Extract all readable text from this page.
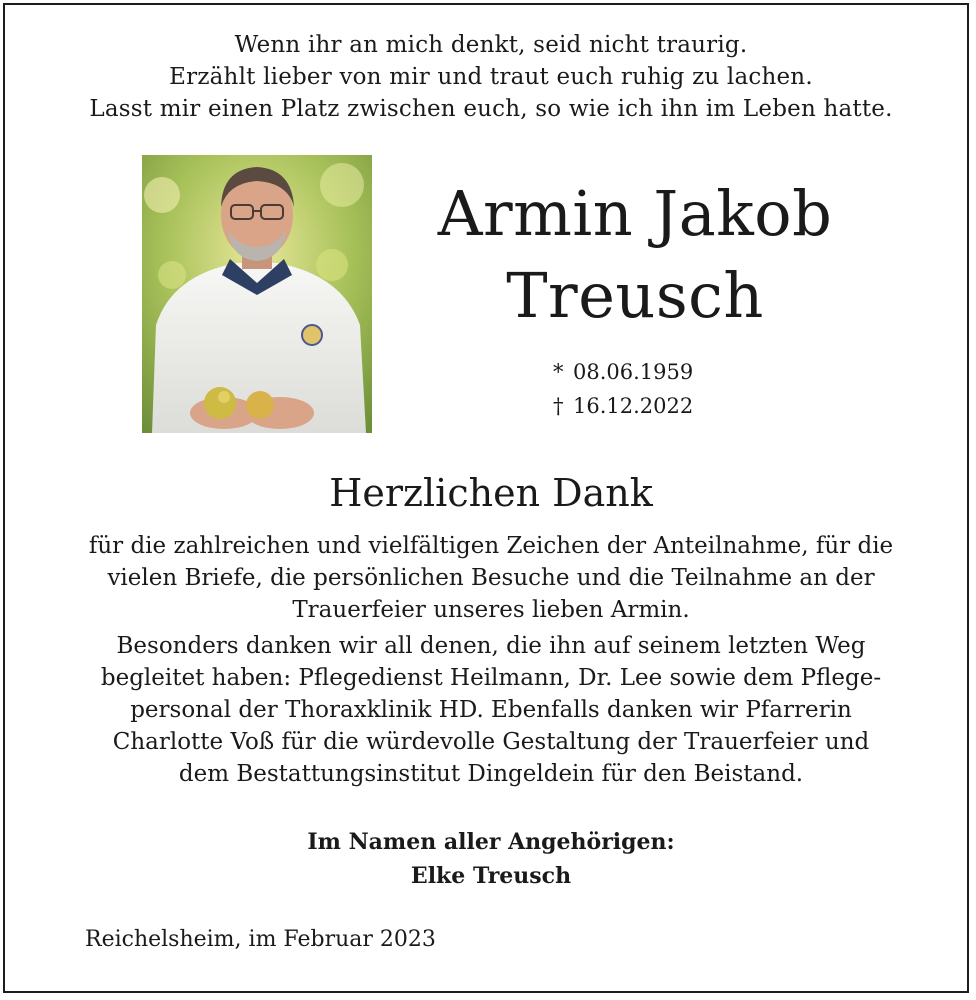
Wenn ihr an mich denkt, seid nicht traurig.
Erzählt lieber von mir und traut euch ruhig zu lachen.
Lasst mir einen Platz zwischen euch, so wie ich ihn im Leben hatte.
Armin Jakob
Treusch
* 08.06.1959
† 16.12.2022
Herzlichen Dank
für die zahlreichen und vielfältigen Zeichen der Anteilnahme, für die
vielen Briefe, die persönlichen Besuche und die Teilnahme an der
Trauerfeier unseres lieben Armin.
Besonders danken wir all denen, die ihn auf seinem letzten Weg
begleitet haben: Pflegedienst Heilmann, Dr. Lee sowie dem Pflege-
personal der Thoraxklinik HD. Ebenfalls danken wir Pfarrerin
Charlotte Voß für die würdevolle Gestaltung der Trauerfeier und
dem Bestattungsinstitut Dingeldein für den Beistand.
Im Namen aller Angehörigen:
Elke Treusch
Reichelsheim, im Februar 2023
